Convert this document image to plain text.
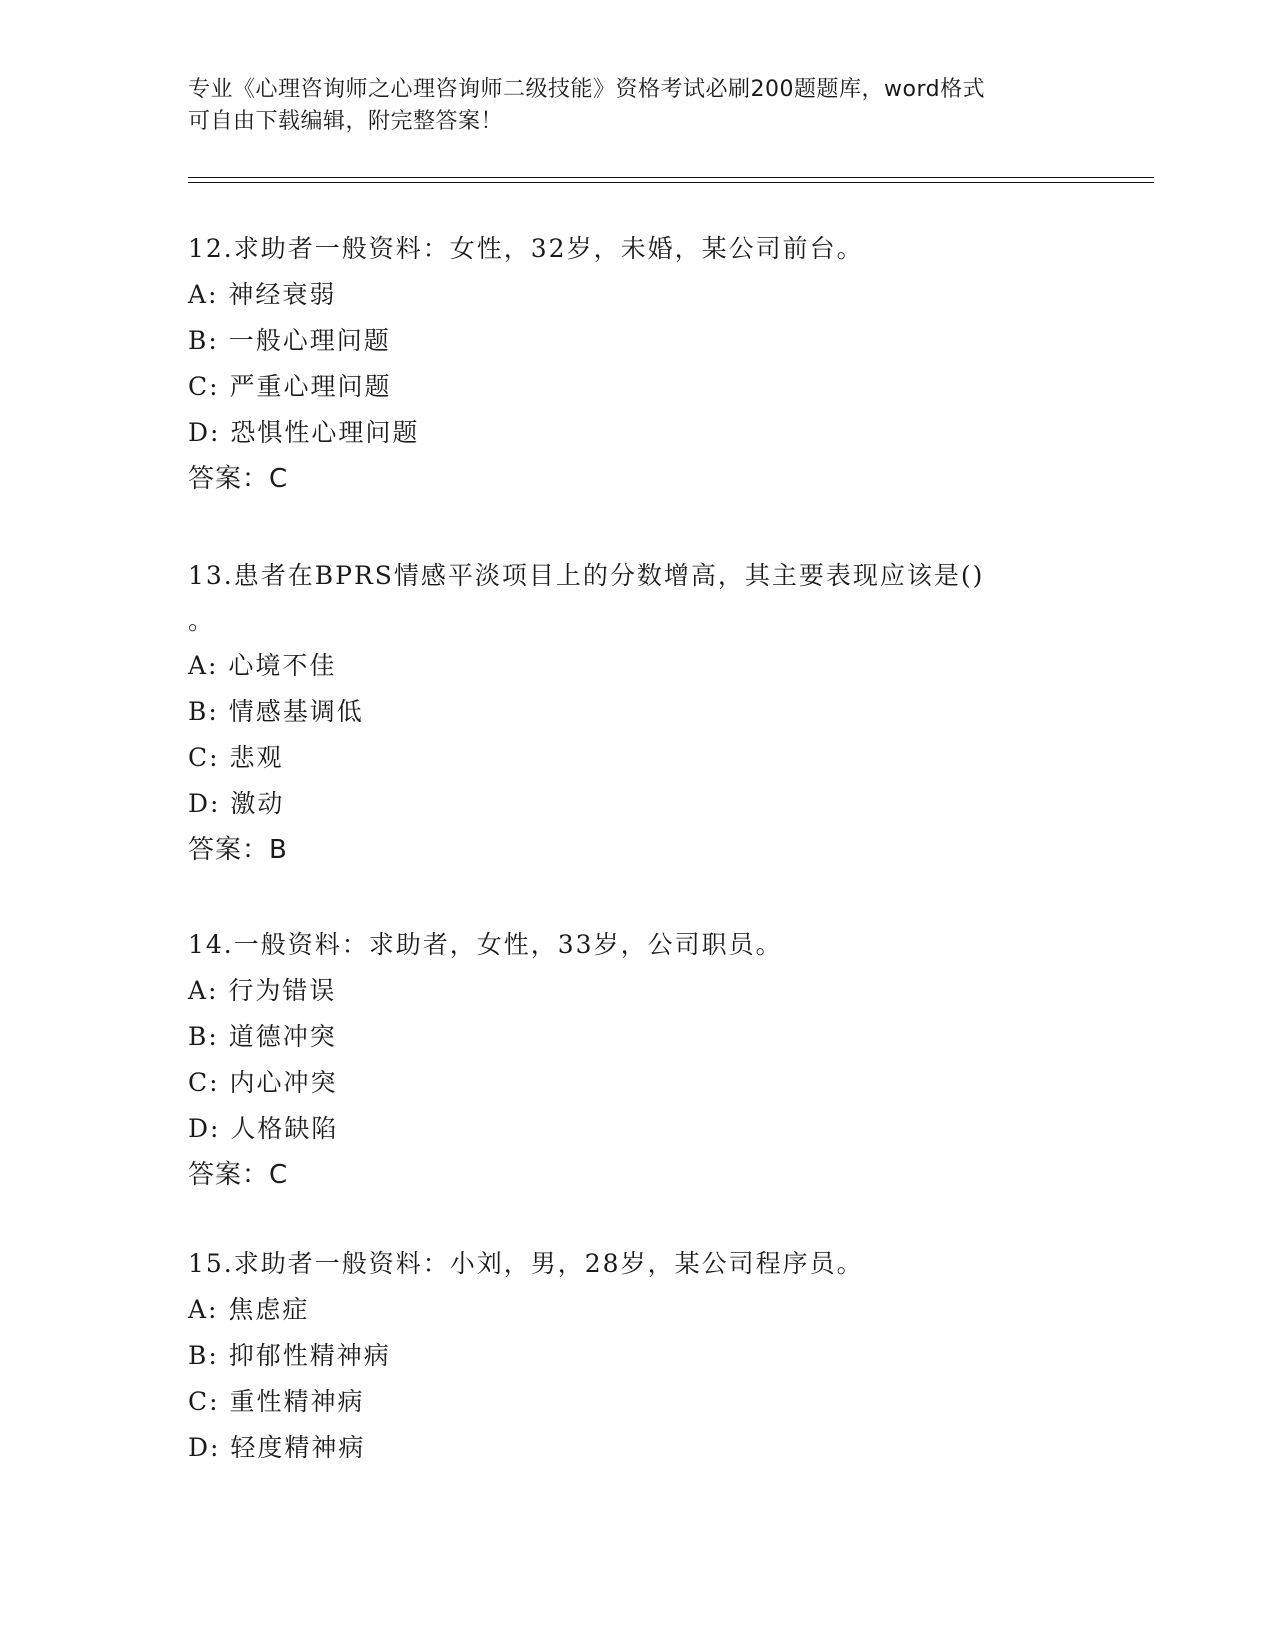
专业《心理咨询师之心理咨询师二级技能》资格考试必刷200题题库，word格式
可自由下载编辑，附完整答案！
12.求助者一般资料：女性，32岁，未婚，某公司前台。
A: 神经衰弱
B: 一般心理问题
C: 严重心理问题
D: 恐惧性心理问题
答案：C
13.患者在BPRS情感平淡项目上的分数增高，其主要表现应该是()
。
A: 心境不佳
B: 情感基调低
C: 悲观
D: 激动
答案：B
14.一般资料：求助者，女性，33岁，公司职员。
A: 行为错误
B: 道德冲突
C: 内心冲突
D: 人格缺陷
答案：C
15.求助者一般资料：小刘，男，28岁，某公司程序员。
A: 焦虑症
B: 抑郁性精神病
C: 重性精神病
D: 轻度精神病
